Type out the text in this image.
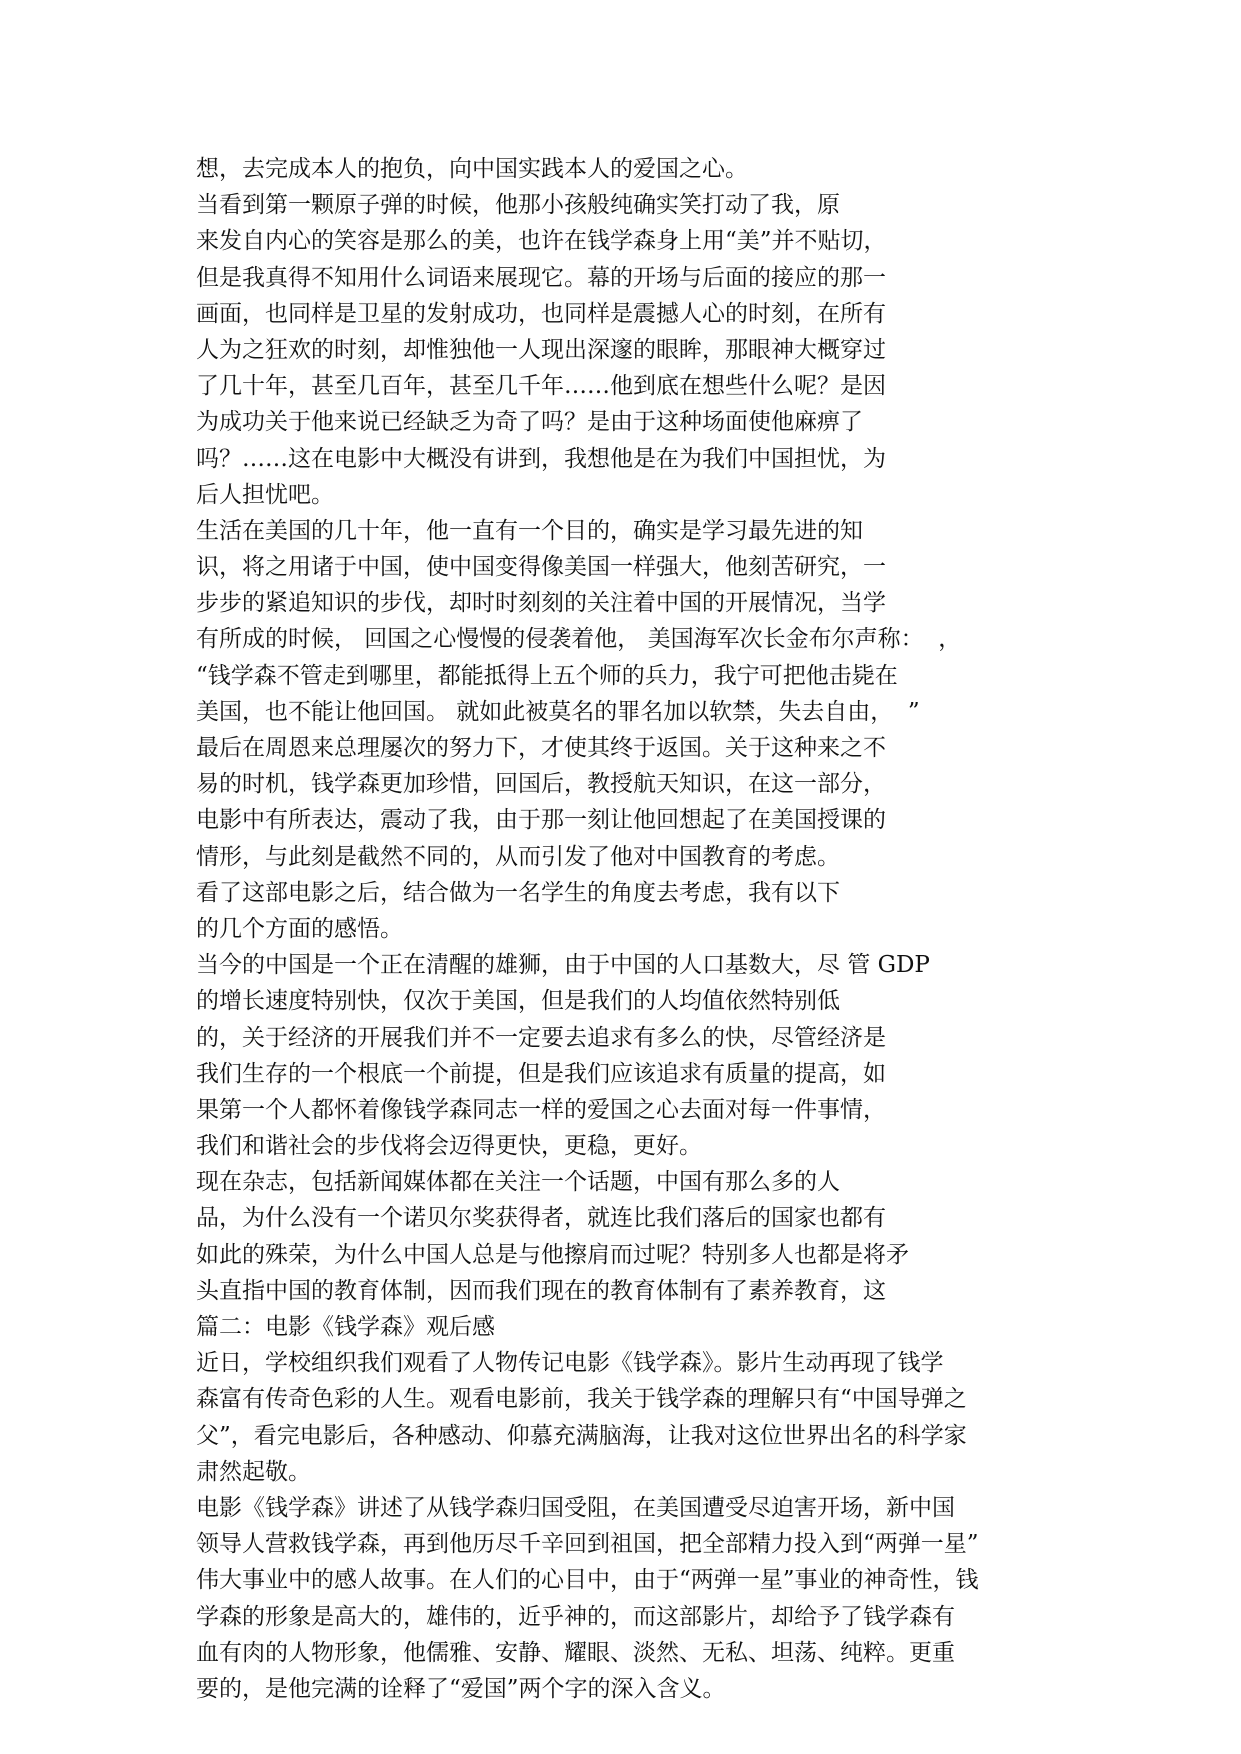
想，去完成本人的抱负，向中国实践本人的爱国之心。
当看到第一颗原子弹的时候，他那小孩般纯确实笑打动了我，原
来发自内心的笑容是那么的美，也许在钱学森身上用“美”并不贴切，
但是我真得不知用什么词语来展现它。幕的开场与后面的接应的那一
画面，也同样是卫星的发射成功，也同样是震撼人心的时刻，在所有
人为之狂欢的时刻，却惟独他一人现出深邃的眼眸，那眼神大概穿过
了几十年，甚至几百年，甚至几千年……他到底在想些什么呢？是因
为成功关于他来说已经缺乏为奇了吗？是由于这种场面使他麻痹了
吗？……这在电影中大概没有讲到，我想他是在为我们中国担忧，为
后人担忧吧。
生活在美国的几十年，他一直有一个目的，确实是学习最先进的知
识，将之用诸于中国，使中国变得像美国一样强大，他刻苦研究，一
步步的紧追知识的步伐，却时时刻刻的关注着中国的开展情况，当学
有所成的时候， 回国之心慢慢的侵袭着他， 美国海军次长金布尔声称：  ，
“钱学森不管走到哪里，都能抵得上五个师的兵力，我宁可把他击毙在
美国，也不能让他回国。 就如此被莫名的罪名加以软禁，失去自由，  ”
最后在周恩来总理屡次的努力下，才使其终于返国。关于这种来之不
易的时机，钱学森更加珍惜，回国后，教授航天知识，在这一部分，
电影中有所表达，震动了我，由于那一刻让他回想起了在美国授课的
情形，与此刻是截然不同的，从而引发了他对中国教育的考虑。
看了这部电影之后，结合做为一名学生的角度去考虑，我有以下
的几个方面的感悟。
当今的中国是一个正在清醒的雄狮，由于中国的人口基数大，尽 管 GDP
的增长速度特别快，仅次于美国，但是我们的人均值依然特别低
的，关于经济的开展我们并不一定要去追求有多么的快，尽管经济是
我们生存的一个根底一个前提，但是我们应该追求有质量的提高，如
果第一个人都怀着像钱学森同志一样的爱国之心去面对每一件事情，
我们和谐社会的步伐将会迈得更快，更稳，更好。
现在杂志，包括新闻媒体都在关注一个话题，中国有那么多的人
品，为什么没有一个诺贝尔奖获得者，就连比我们落后的国家也都有
如此的殊荣，为什么中国人总是与他擦肩而过呢？特别多人也都是将矛
头直指中国的教育体制，因而我们现在的教育体制有了素养教育，这
篇二：电影《钱学森》观后感
近日，学校组织我们观看了人物传记电影《钱学森》。影片生动再现了钱学
森富有传奇色彩的人生。观看电影前，我关于钱学森的理解只有“中国导弹之
父”，看完电影后，各种感动、仰慕充满脑海，让我对这位世界出名的科学家
肃然起敬。
电影《钱学森》讲述了从钱学森归国受阻，在美国遭受尽迫害开场，新中国
领导人营救钱学森，再到他历尽千辛回到祖国，把全部精力投入到“两弹一星”
伟大事业中的感人故事。在人们的心目中，由于“两弹一星”事业的神奇性，钱
学森的形象是高大的，雄伟的，近乎神的，而这部影片，却给予了钱学森有
血有肉的人物形象，他儒雅、安静、耀眼、淡然、无私、坦荡、纯粹。更重
要的，是他完满的诠释了“爱国”两个字的深入含义。
